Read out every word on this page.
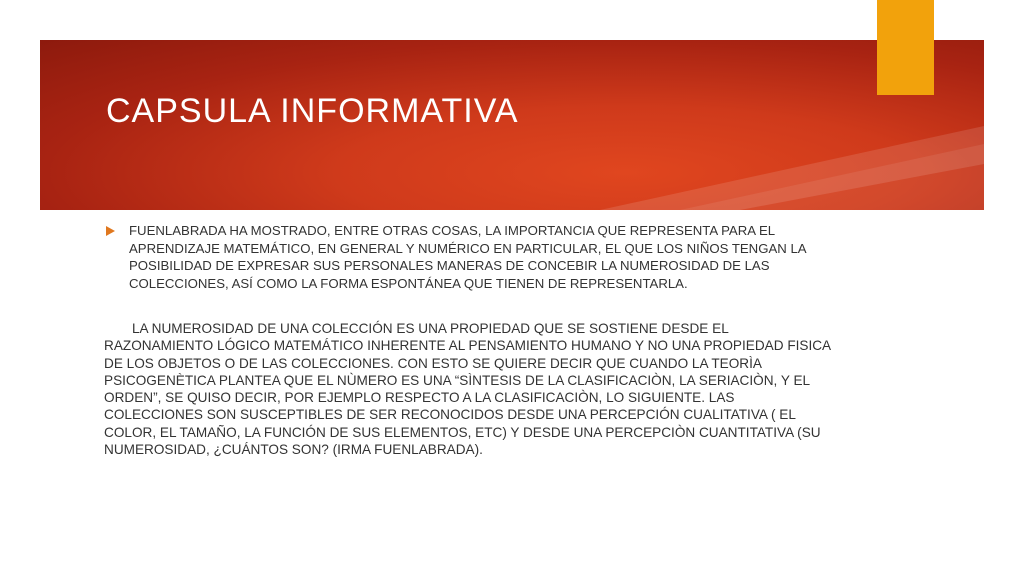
CAPSULA INFORMATIVA

FUENLABRADA HA MOSTRADO, ENTRE OTRAS COSAS, LA IMPORTANCIA QUE REPRESENTA PARA EL APRENDIZAJE MATEMÁTICO, EN GENERAL Y NUMÉRICO EN PARTICULAR, EL QUE LOS NIÑOS TENGAN LA POSIBILIDAD DE EXPRESAR SUS PERSONALES MANERAS DE CONCEBIR LA NUMEROSIDAD DE LAS COLECCIONES, ASÍ COMO LA FORMA ESPONTÁNEA QUE TIENEN DE REPRESENTARLA.

LA NUMEROSIDAD DE UNA COLECCIÓN ES UNA PROPIEDAD QUE SE SOSTIENE DESDE EL RAZONAMIENTO LÓGICO MATEMÁTICO INHERENTE AL PENSAMIENTO HUMANO Y NO UNA PROPIEDAD FISICA DE LOS OBJETOS O DE LAS COLECCIONES. CON ESTO SE QUIERE DECIR QUE CUANDO LA TEORÌA PSICOGENÈTICA PLANTEA QUE EL NÙMERO ES UNA “SÌNTESIS DE LA CLASIFICACIÒN, LA SERIACIÒN, Y EL ORDEN”, SE QUISO DECIR, POR EJEMPLO RESPECTO A LA CLASIFICACIÒN, LO SIGUIENTE. LAS COLECCIONES SON SUSCEPTIBLES DE SER RECONOCIDOS DESDE UNA PERCEPCIÓN CUALITATIVA ( EL COLOR, EL TAMAÑO, LA FUNCIÓN DE SUS ELEMENTOS, ETC) Y DESDE UNA PERCEPCIÒN CUANTITATIVA (SU NUMEROSIDAD, ¿CUÁNTOS SON? (IRMA FUENLABRADA).
